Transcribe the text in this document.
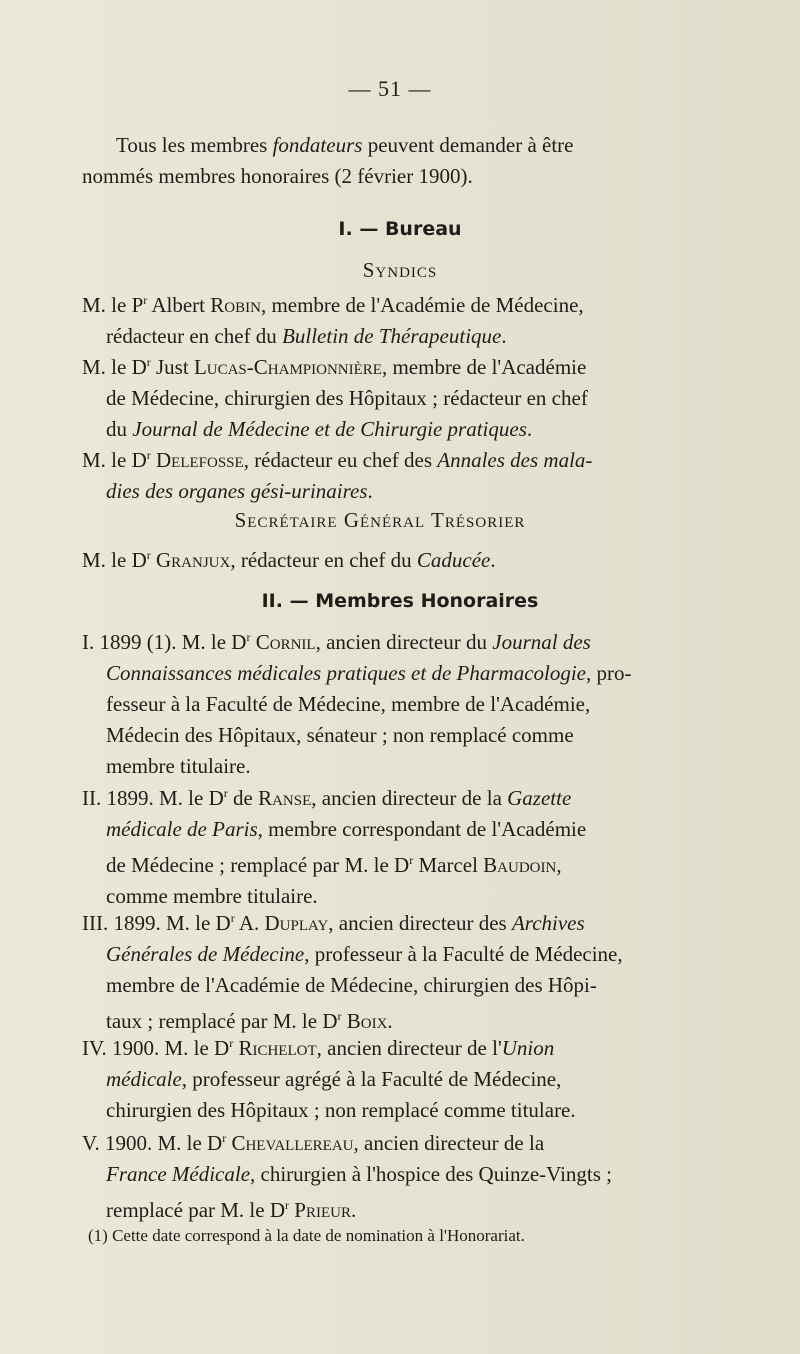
— 51 —
Tous les membres fondateurs peuvent demander à être
nommés membres honoraires (2 février 1900).
I. — Bureau
Syndics
M. le $P^r$ Albert Robin, membre de l'Académie de Médecine,
rédacteur en chef du Bulletin de Thérapeutique.
M. le $D^r$ Just Lucas-Championnière, membre de l'Académie
de Médecine, chirurgien des Hôpitaux ; rédacteur en chef
du Journal de Médecine et de Chirurgie pratiques.
M. le $D^r$ Delefosse, rédacteur eu chef des Annales des mala-
dies des organes gési-urinaires.
Secrétaire Général Trésorier
M. le $D^r$ Granjux, rédacteur en chef du Caducée.
II. — Membres Honoraires
I. 1899 (1). M. le $D^r$ Cornil, ancien directeur du Journal des
Connaissances médicales pratiques et de Pharmacologie, pro-
fesseur à la Faculté de Médecine, membre de l'Académie,
Médecin des Hôpitaux, sénateur ; non remplacé comme
membre titulaire.
II. 1899. M. le $D^r$ de Ranse, ancien directeur de la Gazette
médicale de Paris, membre correspondant de l'Académie
de Médecine ; remplacé par M. le $D^r$ Marcel Baudoin,
comme membre titulaire.
III. 1899. M. le $D^r$ A. Duplay, ancien directeur des Archives
Générales de Médecine, professeur à la Faculté de Médecine,
membre de l'Académie de Médecine, chirurgien des Hôpi-
taux ; remplacé par M. le $D^r$ Boix.
IV. 1900. M. le $D^r$ Richelot, ancien directeur de l'Union
médicale, professeur agrégé à la Faculté de Médecine,
chirurgien des Hôpitaux ; non remplacé comme titulare.
V. 1900. M. le $D^r$ Chevallereau, ancien directeur de la
France Médicale, chirurgien à l'hospice des Quinze-Vingts ;
remplacé par M. le $D^r$ Prieur.
(1) Cette date correspond à la date de nomination à l'Honorariat.
